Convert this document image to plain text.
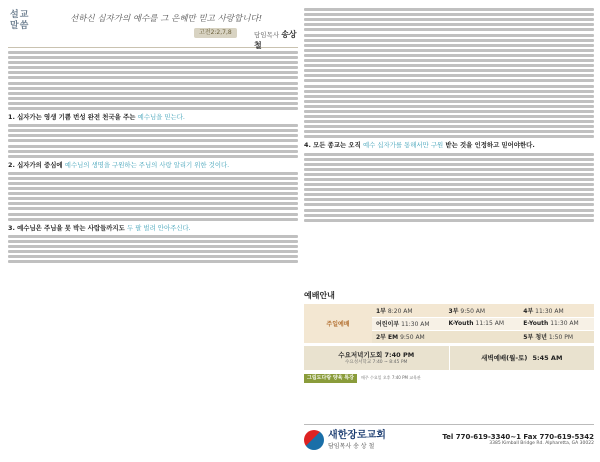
설교 말씀
선하신 십자가의 예수를 그 은혜만 믿고 사랑합니다!
고전2:2,7,8	담임목사 송상철
1. 십자가는 영생 기쁨 번성 완전 천국을 주는 예수님을 믿는다.
2. 십자가의 중심에 예수님의 생명을 구원하는 주님의 사랑 알리기 위한 것이다.
3. 예수님은 주님을 못 박는 사람들까지도 두 팔 벌려 안아주신다.
4. 모든 종교는 오직 예수 십자가를 통해서만 구원 받는 것을 인정하고 믿어야한다.
예배안내
주일예배	1부 8:20 AM	3부 9:50 AM	4부 11:30 AM
	어린이부 11:30 AM	K-Youth 11:15 AM	E-Youth 11:30 AM
	2부 EM 9:50 AM		5부 청년 1:50 PM
수요저녁기도회 7:40 PM
수요성서학교 7:40 ~ 8:45 PM
새벽예배(월-토)
5:45 AM
그림도다랑 양육 특강	매주 수요일 오후 7:40 PM 교육관
새한장로교회
담임목사 송 상 철
Tel 770-619-3340~1 Fax 770-619-5342
3385 Kimball Bridge Rd. Alpharetta, GA 30022
